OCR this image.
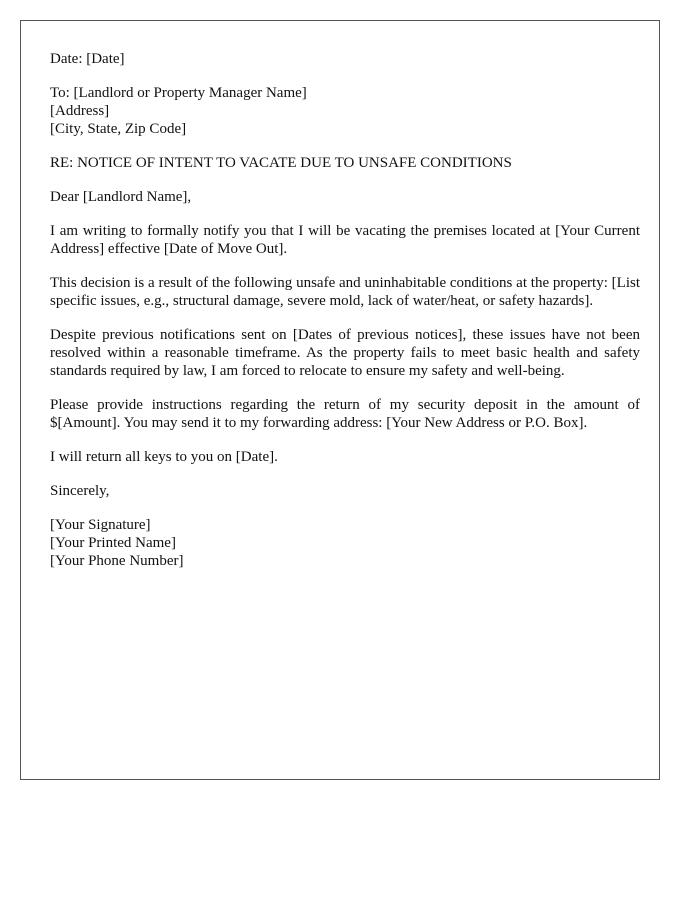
Date: [Date]
To: [Landlord or Property Manager Name]
[Address]
[City, State, Zip Code]
RE: NOTICE OF INTENT TO VACATE DUE TO UNSAFE CONDITIONS
Dear [Landlord Name],

I am writing to formally notify you that I will be vacating the premises located at [Your Current Address] effective [Date of Move Out].

This decision is a result of the following unsafe and uninhabitable conditions at the property: [List specific issues, e.g., structural damage, severe mold, lack of water/heat, or safety hazards].

Despite previous notifications sent on [Dates of previous notices], these issues have not been resolved within a reasonable timeframe. As the property fails to meet basic health and safety standards required by law, I am forced to relocate to ensure my safety and well-being.

Please provide instructions regarding the return of my security deposit in the amount of $[Amount]. You may send it to my forwarding address: [Your New Address or P.O. Box].

I will return all keys to you on [Date].

Sincerely,
[Your Signature]
[Your Printed Name]
[Your Phone Number]
